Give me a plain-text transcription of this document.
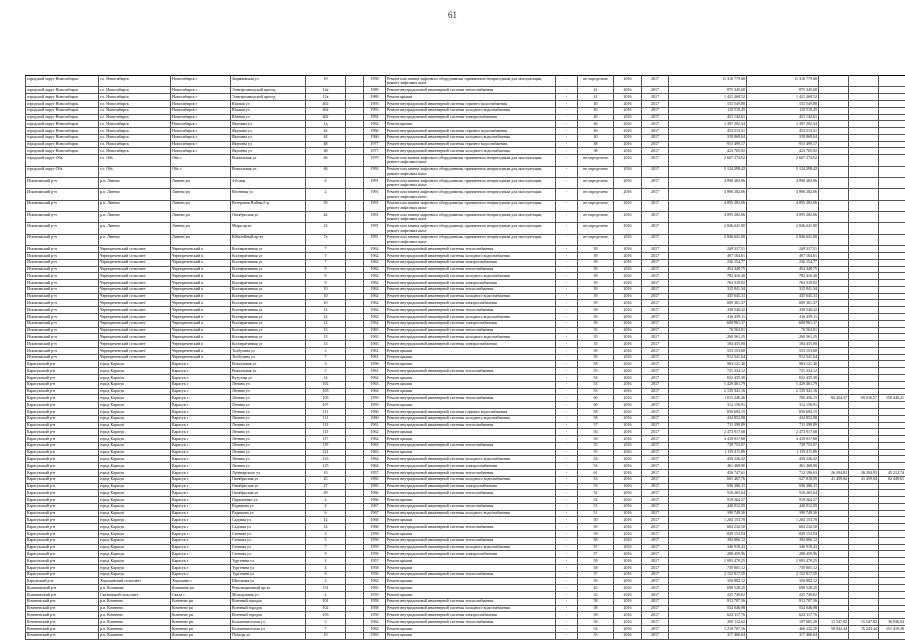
61
городской округ Новосибирск	г.о. Новосибирск	Новосибирск г	Зыряновская ул	19		1958	Ремонт или замена лифтового оборудования, признанного непригодным для эксплуатации, ремонт лифтовых шахт	-	не определено	2016	2017	11 316 779,68	11 316 779,68			
городской округ Новосибирск	г.о. Новосибирск	Новосибирск г	Электрозаводской проезд	12а		1989	Ремонт внутридомовой инженерной системы теплоснабжения	-	41	2016	2017	875 345,68	875 345,68			
городской округ Новосибирск	г.о. Новосибирск	Новосибирск г	Электрозаводской проезд	12а		1989	Ремонт крыши	-	41	2016	2017	1 421 468,52	1 421 468,52			
городской округ Новосибирск	г.о. Новосибирск	Новосибирск г	Южная ул	402		1993	Ремонт внутридомовой инженерной системы горячего водоснабжения	-	40	2016	2017	153 549,88	153 549,88			
городской округ Новосибирск	г.о. Новосибирск	Новосибирск г	Южная ул	402		1993	Ремонт внутридомовой инженерной системы холодного водоснабжения	-	40	2016	2017	118 519,45	118 519,45			
городской округ Новосибирск	г.о. Новосибирск	Новосибирск г	Южная ул	402		1992	Ремонт внутридомовой инженерной системы электроснабжения	-	40	2016	2017	431 144,61	431 144,61			
городской округ Новосибирск	г.о. Новосибирск	Новосибирск г	Якушева ул	1д		1962	Ремонт крыши	-	46	2016	2017	1 397 202,34	1 397 202,34			
городской округ Новосибирск	г.о. Новосибирск	Новосибирск г	Якушева ул	44		1960	Ремонт внутридомовой инженерной системы горячего водоснабжения	-	40	2016	2017	453 513,31	453 513,31			
городской округ Новосибирск	г.о. Новосибирск	Новосибирск г	Якушева ул	44		1960	Ремонт внутридомовой инженерной системы холодного водоснабжения	-	40	2016	2017	318 869,64	318 869,64			
городской округ Новосибирск	г.о. Новосибирск	Новосибирск г	Якушева ул	48		1977	Ремонт внутридомовой инженерной системы горячего водоснабжения	-	38	2016	2017	913 499,17	913 499,17			
городской округ Новосибирск	г.о. Новосибирск	Новосибирск г	Якушева ул	48		1977	Ремонт внутридомовой инженерной системы холодного водоснабжения	-	38	2016	2017	423 765,92	423 765,92			
городской округ Обь	г.о. Обь	Обь г	Вокзальная ул	46		1979	Ремонт или замена лифтового оборудования, признанного непригодным для эксплуатации, ремонт лифтовых шахт	-	не определено	2016	2017	2 667 274,92	2 667 274,92			
городской округ Обь	г.о. Обь	Обь г	Вокзальная ул	46		1992	Ремонт или замена лифтового оборудования, признанного непригодным для эксплуатации, ремонт лифтовых шахт	-	не определено	2016	2017	5 124 298,42	5 124 298,42			
Искитимский р-н	р.п. Линево	Линево рп	4-й мкр	6		1991	Ремонт или замена лифтового оборудования, признанного непригодным для эксплуатации, ремонт лифтовых шахт	-	не определено	2016	2017	4 890 282,06	4 890 282,06			
Искитимский р-н	р.п. Линево	Линево рп	Весенняя ул	2		1991	Ремонт или замена лифтового оборудования, признанного непригодным для эксплуатации, ремонт лифтовых шахт	-	не определено	2016	2017	4 890 282,06	4 890 282,06			
Искитимский р-н	р.п. Линево	Линево рп	Ветеранов Войны б-р	50		1991	Ремонт или замена лифтового оборудования, признанного непригодным для эксплуатации, ремонт лифтовых шахт	-	не определено	2016	2017	4 895 282,06	4 895 282,06			
Искитимский р-н	р.п. Линево	Линево рп	Октябрьская ул	42		1991	Ремонт или замена лифтового оборудования, признанного непригодным для эксплуатации, ремонт лифтовых шахт	-	не определено	2016	2017	4 895 282,06	4 895 282,06			
Искитимский р-н	р.п. Линево	Линево рп	Мира пр-кт	23		1991	Ремонт или замена лифтового оборудования, признанного непригодным для эксплуатации, ремонт лифтовых шахт	-	не определено	2016	2017	2 846 641,00	2 846 641,00			
Искитимский р-н	р.п. Линево	Линево рп	Юбилейный пр-кт	7а		1991	Ремонт или замена лифтового оборудования, признанного непригодным для эксплуатации, ремонт лифтовых шахт	-	не определено	2016	2017	2 846 641,00	2 846 641,00			
Искитимский р-н	Чернореченский сельсовет	Чернореченский п	Кооперативная ул	7		1962	Ремонт внутридомовой инженерной системы теплоснабжения	-	39	2016	2017	249 317,51	249 317,51			
Искитимский р-н	Чернореченский сельсовет	Чернореченский п	Кооперативная ул	7		1962	Ремонт внутридомовой инженерной системы холодного водоснабжения	-	39	2016	2017	497 164,61	497 164,61			
Искитимский р-н	Чернореченский сельсовет	Чернореченский п	Кооперативная ул	7		1962	Ремонт внутридомовой инженерной системы электроснабжения	-	39	2016	2017	226 154,77	226 154,77			
Искитимский р-н	Чернореченский сельсовет	Чернореченский п	Кооперативная ул	9		1962	Ремонт внутридомовой инженерной системы теплоснабжения	-	39	2016	2017	454 448,75	454 448,75			
Искитимский р-н	Чернореченский сельсовет	Чернореченский п	Кооперативная ул	9		1962	Ремонт внутридомовой инженерной системы холодного водоснабжения	-	39	2016	2017	782 416,49	782 416,49			
Искитимский р-н	Чернореченский сельсовет	Чернореченский п	Кооперативная ул	9		1962	Ремонт внутридомовой инженерной системы электроснабжения	-	39	2016	2017	763 319,82	763 319,82			
Искитимский р-н	Чернореченский сельсовет	Чернореченский п	Кооперативная ул	10		1962	Ремонт внутридомовой инженерной системы теплоснабжения	-	39	2016	2017	315 841,34	315 841,34			
Искитимский р-н	Чернореченский сельсовет	Чернореченский п	Кооперативная ул	10		1962	Ремонт внутридомовой инженерной системы холодного водоснабжения	-	39	2016	2017	435 645,31	435 645,31			
Искитимский р-н	Чернореченский сельсовет	Чернореченский п	Кооперативная ул	10		1962	Ремонт внутридомовой инженерной системы электроснабжения	-	39	2016	2017	609 361,37	609 361,37			
Искитимский р-н	Чернореченский сельсовет	Чернореченский п	Кооперативная ул	12		1962	Ремонт внутридомовой инженерной системы теплоснабжения	-	39	2016	2017	438 546,42	438 546,42			
Искитимский р-н	Чернореченский сельсовет	Чернореченский п	Кооперативная ул	12		1962	Ремонт внутридомовой инженерной системы холодного водоснабжения	-	39	2016	2017	416 459,11	416 459,11			
Искитимский р-н	Чернореченский сельсовет	Чернореченский п	Кооперативная ул	12		1962	Ремонт внутридомовой инженерной системы электроснабжения	-	39	2016	2017	600 961,37	600 961,37			
Искитимский р-н	Чернореченский сельсовет	Чернореченский п	Кооперативная ул	13		1965	Ремонт внутридомовой инженерной системы теплоснабжения	-	35	2016	2017	76 563,01	76 563,01			
Искитимский р-н	Чернореченский сельсовет	Чернореченский п	Кооперативная ул	13		1965	Ремонт внутридомовой инженерной системы холодного водоснабжения	-	35	2016	2017	260 561,25	260 561,25			
Искитимский р-н	Чернореченский сельсовет	Чернореченский п	Кооперативная ул	13		1965	Ремонт внутридомовой инженерной системы электроснабжения	-	35	2016	2017	184 435,80	184 435,80			
Искитимский р-н	Чернореченский сельсовет	Чернореченский п	Толбухина ул	5		1961	Ремонт крыши	-	39	2016	2017	553 153,68	553 153,68			
Искитимский р-н	Чернореченский сельсовет	Чернореченский п	Толбухина ул	7		1961	Ремонт крыши	-	39	2016	2017	912 541,64	912 541,64			
Карасукский р-н	город Карасук	Карасук г	Вокзальная ул	3		1958	Ремонт крыши	-	58	2016	2017	963 121,40	963 121,40			
Карасукский р-н	город Карасук	Карасук г	Вокзальная ул	5		1961	Ремонт внутридомовой инженерной системы теплоснабжения	-	55	2016	2017	721 334,12	721 334,12			
Карасукский р-н	город Карасук	Карасук г	Кутузова ул	14		1962	Ремонт крыши	-	54	2016	2017	652 435,38	652 435,38			
Карасукский р-н	город Карасук	Карасук г	Ленина ул	102		1963	Ремонт крыши	-	53	2016	2017	1 429 461,79	1 429 461,79			
Карасукский р-н	город Карасук	Карасук г	Ленина ул	103		1964	Ремонт крыши	-	53	2016	2017	2 135 341,16	2 135 341,16			
Карасукский р-н	город Карасук	Карасук г	Ленина ул	105		1959	Ремонт внутридомовой инженерной системы теплоснабжения	-	60	2016	2017	1 811 240,46	766 456,15	66 454,37	69 616,57	150 446,21
Карасукский р-н	город Карасук	Карасук г	Ленина ул	107		1959	Ремонт крыши	-	60	2016	2017	312 156,91	312 156,91			
Карасукский р-н	город Карасук	Карасук г	Ленина ул	111		1960	Ремонт внутридомовой инженерной системы горячего водоснабжения	-	58	2016	2017	856 694,15	856 694,15			
Карасукский р-н	город Карасук	Карасук г	Ленина ул	111		1960	Ремонт внутридомовой инженерной системы холодного водоснабжения	-	58	2016	2017	444 852,98	444 852,98			
Карасукский р-н	город Карасук	Карасук г	Ленина ул	113		1961	Ремонт внутридомовой инженерной системы теплоснабжения	-	57	2016	2017	711 398,89	711 398,89			
Карасукский р-н	город Карасук	Карасук г	Ленина ул	115		1962	Ремонт крыши	-	56	2016	2017	2 473 917,68	2 473 917,68			
Карасукский р-н	город Карасук	Карасук г	Ленина ул	117		1962	Ремонт крыши	-	56	2016	2017	3 410 917,68	3 410 917,68			
Карасукский р-н	город Карасук	Карасук г	Ленина ул	119		1963	Ремонт внутридомовой инженерной системы теплоснабжения	-	55	2016	2017	729 753,07	729 753,07			
Карасукский р-н	город Карасук	Карасук г	Ленина ул	121		1963	Ремонт крыши	-	55	2016	2017	1 135 411,06	1 135 411,06			
Карасукский р-н	город Карасук	Карасук г	Ленина ул	123		1964	Ремонт внутридомовой инженерной системы холодного водоснабжения	-	54	2016	2017	458 246,42	458 246,42			
Карасукский р-н	город Карасук	Карасук г	Ленина ул	125		1964	Ремонт внутридомовой инженерной системы электроснабжения	-	54	2016	2017	461 468,90	461 468,90			
Карасукский р-н	город Карасук	Карасук г	Луначарского ул	10		1957	Ремонт внутридомовой инженерной системы теплоснабжения	-	61	2016	2017	456 747,61	712 196,63	26 294,83	26 294,83	45 212,74
Карасукский р-н	город Карасук	Карасук г	Октябрьская ул	25		1965	Ремонт внутридомовой инженерной системы холодного водоснабжения	-	53	2016	2017	601 467,76	527 818,09	41 459,84	41 459,84	82 449,61
Карасукский р-н	город Карасук	Карасук г	Октябрьская ул	27		1965	Ремонт внутридомовой инженерной системы электроснабжения	-	53	2016	2017	656 286,11	656 286,11			
Карасукский р-н	город Карасук	Карасук г	Октябрьская ул	29		1966	Ремонт внутридомовой инженерной системы теплоснабжения	-	52	2016	2017	510 265,64	510 265,64			
Карасукский р-н	город Карасук	Карасук г	Пархоменко ул	2		1966	Ремонт крыши	-	52	2016	2017	918 264,27	918 264,27			
Карасукский р-н	город Карасук	Карасук г	Радищева ул	4		1967	Ремонт внутридомовой инженерной системы теплоснабжения	-	51	2016	2017	440 912,05	440 912,05			
Карасукский р-н	город Карасук	Карасук г	Радищева ул	6		1967	Ремонт внутридомовой инженерной системы холодного водоснабжения	-	51	2016	2017	390 748,36	390 748,36			
Карасукский р-н	город Карасук	Карасук г	Садовая ул	12		1968	Ремонт крыши	-	50	2016	2017	1 204 153,78	1 204 153,78			
Карасукский р-н	город Карасук	Карасук г	Садовая ул	14		1968	Ремонт внутридомовой инженерной системы теплоснабжения	-	50	2016	2017	684 232,50	684 232,50			
Карасукский р-н	город Карасук	Карасук г	Степная ул	3		1958	Ремонт крыши	-	58	2016	2017	829 153,94	829 153,94			
Карасукский р-н	город Карасук	Карасук г	Степная ул	5		1958	Ремонт внутридомовой инженерной системы теплоснабжения	-	58	2016	2017	394 066,12	394 066,12			
Карасукский р-н	город Карасук	Карасук г	Степная ул	7		1959	Ремонт внутридомовой инженерной системы холодного водоснабжения	-	57	2016	2017	346 918,43	346 918,43			
Карасукский р-н	город Карасук	Карасук г	Степная ул	9		1959	Ремонт внутридомовой инженерной системы электроснабжения	-	57	2016	2017	288 450,96	288 450,96			
Карасукский р-н	город Карасук	Карасук г	Тургенева ул	2		1957	Ремонт крыши	-	59	2016	2017	1 093 470,25	1 093 470,25			
Карасукский р-н	город Карасук	Карасук г	Тургенева ул	4		1958	Ремонт крыши	-	58	2016	2017	750 801,12	750 801,12			
Карасукский р-н	город Карасук	Карасук г	Тургенева ул	6		1959	Ремонт внутридомовой инженерной системы теплоснабжения	-	57	2016	2017	2 152 917,59	2 152 917,59			
Каргатский р-н	Хорошевский сельсовет	Хорошево с	Школьная ул	2		1962	Ремонт крыши	-	39	2016	2017	350 802,12	350 802,12			
Колыванский р-н	р.п. Колывань	Колывань рп	Революционный пр-кт	151		1965	Ремонт крыши	-	45	2016	2017	698 528,25	698 528,25			
Колыванский р-н	Скалинский сельсовет	Скала с	Молодежная ул	4		1970	Ремонт крыши	-	35	2016	2017	225 749,02	225 749,02			
Коченевский р-н	р.п. Коченево	Коченево рп	Военный городок	101		1958	Ремонт внутридомовой инженерной системы теплоснабжения	-	58	2016	2017	912 707,56	912 707,56			
Коченевский р-н	р.п. Коченево	Коченево рп	Военный городок	102		1958	Ремонт внутридомовой инженерной системы холодного водоснабжения	-	58	2016	2017	554 046,88	554 046,88			
Коченевский р-н	р.п. Коченево	Коченево рп	Военный городок	103		1958	Ремонт внутридомовой инженерной системы электроснабжения	-	58	2016	2017	623 117,76	623 117,76			
Коченевский р-н	р.п. Коченево	Коченево рп	Большевистская ул	5		1962	Ремонт внутридомовой инженерной системы теплоснабжения	-	54	2016	2017	209 112,62	197 665,20	13 547,82	15 547,82	30 946,04
Коченевский р-н	р.п. Коченево	Коченево рп	Большевистская ул	7		1962	Ремонт крыши	-	54	2016	2017	1 210 707,16	466 232,20	58 042,44	76 243,44	151 419,30
Коченевский р-н	р.п. Коченево	Коченево рп	Победы ул	10		1963	Ремонт крыши	-	53	2016	2017	317 466,64	317 466,64			
